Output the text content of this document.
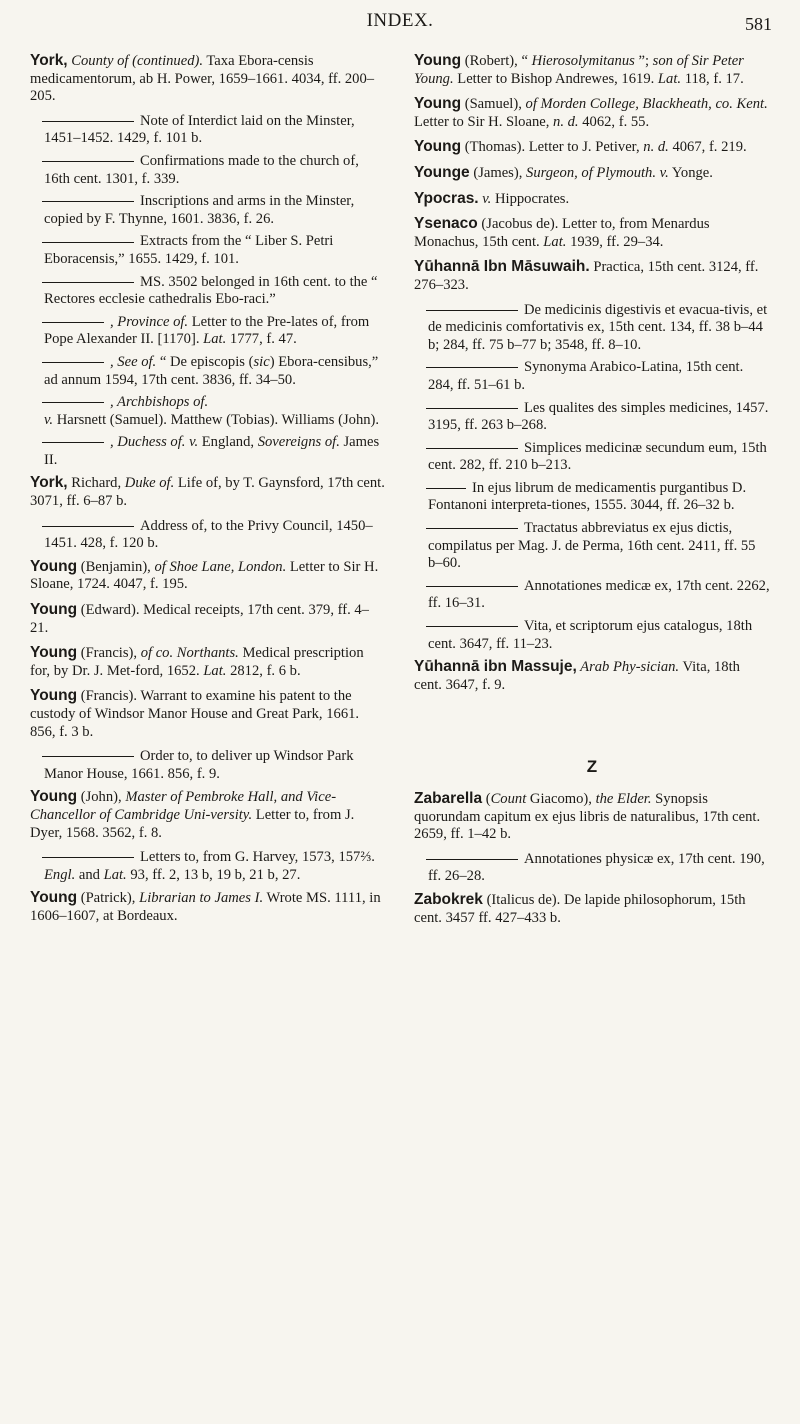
INDEX.	581
York, County of (continued). Taxa Ebora-censis medicamentorum, ab H. Power, 1659–1661. 4034, ff. 200–205.
Note of Interdict laid on the Minster, 1451–1452. 1429, f. 101 b.
Confirmations made to the church of, 16th cent. 1301, f. 339.
Inscriptions and arms in the Minster, copied by F. Thynne, 1601. 3836, f. 26.
Extracts from the “ Liber S. Petri Eboracensis,” 1655. 1429, f. 101.
MS. 3502 belonged in 16th cent. to the “ Rectores ecclesie cathedralis Ebo-raci.”
, Province of. Letter to the Pre-lates of, from Pope Alexander II. [1170]. Lat. 1777, f. 47.
, See of. “ De episcopis (sic) Ebora-censibus,” ad annum 1594, 17th cent. 3836, ff. 34–50.
, Archbishops of.
v. Harsnett (Samuel). Matthew (Tobias). Williams (John).
, Duchess of. v. England, Sovereigns of. James II.
York, Richard, Duke of. Life of, by T. Gaynsford, 17th cent. 3071, ff. 6–87 b.
Address of, to the Privy Council, 1450–1451. 428, f. 120 b.
Young (Benjamin), of Shoe Lane, London. Letter to Sir H. Sloane, 1724. 4047, f. 195.
Young (Edward). Medical receipts, 17th cent. 379, ff. 4–21.
Young (Francis), of co. Northants. Medical prescription for, by Dr. J. Met-ford, 1652. Lat. 2812, f. 6 b.
Young (Francis). Warrant to examine his patent to the custody of Windsor Manor House and Great Park, 1661. 856, f. 3 b.
Order to, to deliver up Windsor Park Manor House, 1661. 856, f. 9.
Young (John), Master of Pembroke Hall, and Vice-Chancellor of Cambridge Uni-versity. Letter to, from J. Dyer, 1568. 3562, f. 8.
Letters to, from G. Harvey, 1573, 157⅔. Engl. and Lat. 93, ff. 2, 13 b, 19 b, 21 b, 27.
Young (Patrick), Librarian to James I. Wrote MS. 1111, in 1606–1607, at Bordeaux.
Young (Robert), “ Hierosolymitanus ”; son of Sir Peter Young. Letter to Bishop Andrewes, 1619. Lat. 118, f. 17.
Young (Samuel), of Morden College, Blackheath, co. Kent. Letter to Sir H. Sloane, n. d. 4062, f. 55.
Young (Thomas). Letter to J. Petiver, n. d. 4067, f. 219.
Younge (James), Surgeon, of Plymouth. v. Yonge.
Ypocras. v. Hippocrates.
Ysenaco (Jacobus de). Letter to, from Menardus Monachus, 15th cent. Lat. 1939, ff. 29–34.
Yūhannā Ibn Māsuwaih. Practica, 15th cent. 3124, ff. 276–323.
De medicinis digestivis et evacua-tivis, et de medicinis comfortativis ex, 15th cent. 134, ff. 38 b–44 b; 284, ff. 75 b–77 b; 3548, ff. 8–10.
Synonyma Arabico-Latina, 15th cent. 284, ff. 51–61 b.
Les qualites des simples medicines, 1457. 3195, ff. 263 b–268.
Simplices medicinæ secundum eum, 15th cent. 282, ff. 210 b–213.
In ejus librum de medicamentis purgantibus D. Fontanoni interpreta-tiones, 1555. 3044, ff. 26–32 b.
Tractatus abbreviatus ex ejus dictis, compilatus per Mag. J. de Perma, 16th cent. 2411, ff. 55 b–60.
Annotationes medicæ ex, 17th cent. 2262, ff. 16–31.
Vita, et scriptorum ejus catalogus, 18th cent. 3647, ff. 11–23.
Yūhannā ibn Massuje, Arab Phy-sician. Vita, 18th cent. 3647, f. 9.
Z
Zabarella (Count Giacomo), the Elder. Synopsis quorundam capitum ex ejus libris de naturalibus, 17th cent. 2659, ff. 1–42 b.
Annotationes physicæ ex, 17th cent. 190, ff. 26–28.
Zabokrek (Italicus de). De lapide philosophorum, 15th cent. 3457 ff. 427–433 b.
